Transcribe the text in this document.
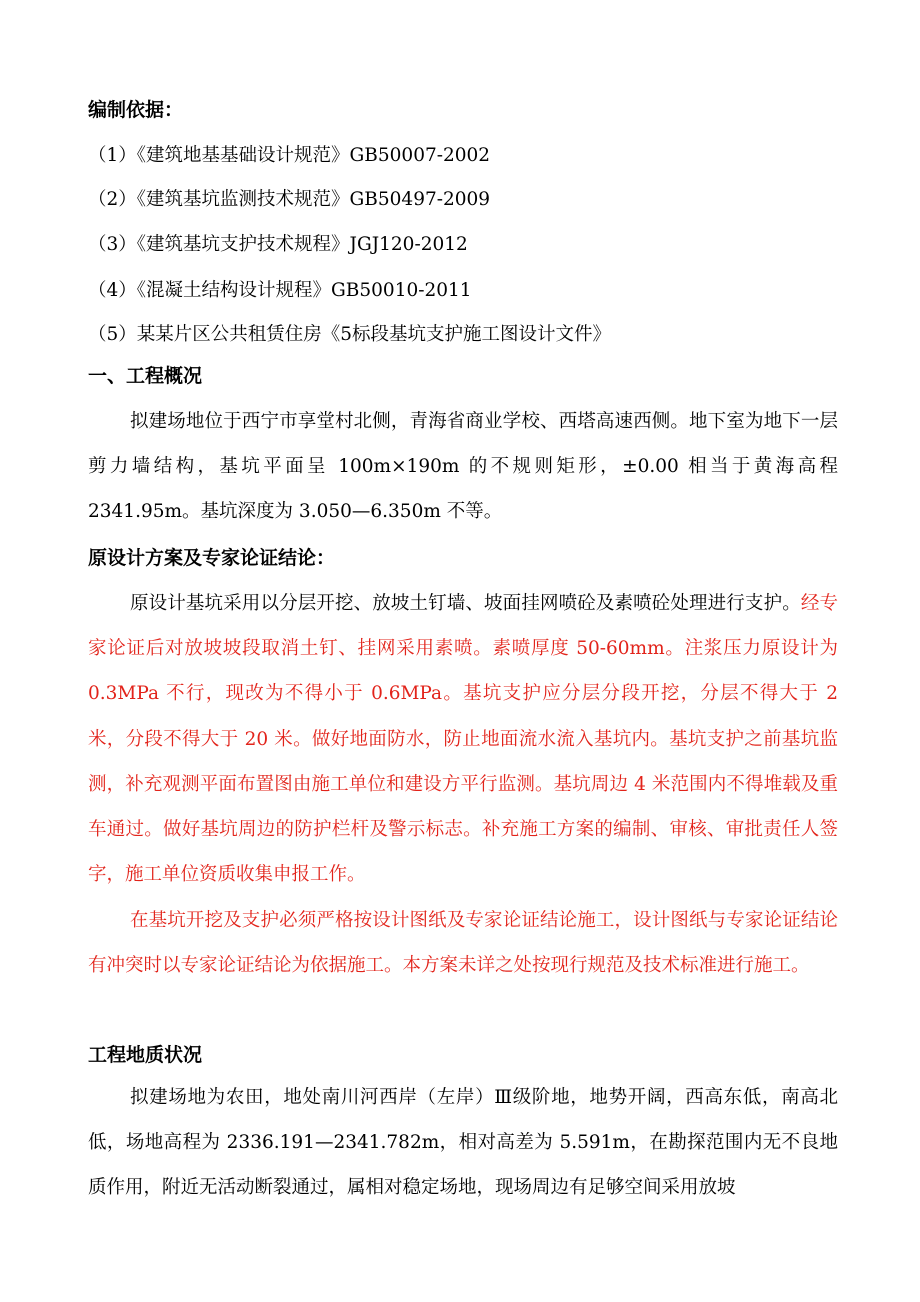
编制依据：
（1）《建筑地基基础设计规范》GB50007-2002
（2）《建筑基坑监测技术规范》GB50497-2009
（3）《建筑基坑支护技术规程》JGJ120-2012
（4）《混凝土结构设计规程》GB50010-2011
（5）某某片区公共租赁住房《5标段基坑支护施工图设计文件》
一、工程概况
拟建场地位于西宁市享堂村北侧，青海省商业学校、西塔高速西侧。地下室为地下一层剪力墙结构，基坑平面呈 100m×190m 的不规则矩形，±0.00 相当于黄海高程 2341.95m。基坑深度为 3.050—6.350m 不等。
原设计方案及专家论证结论：
原设计基坑采用以分层开挖、放坡土钉墙、坡面挂网喷砼及素喷砼处理进行支护。经专家论证后对放坡坡段取消土钉、挂网采用素喷。素喷厚度 50-60mm。注浆压力原设计为 0.3MPa 不行，现改为不得小于 0.6MPa。基坑支护应分层分段开挖，分层不得大于 2 米，分段不得大于 20 米。做好地面防水，防止地面流水流入基坑内。基坑支护之前基坑监测，补充观测平面布置图由施工单位和建设方平行监测。基坑周边 4 米范围内不得堆载及重车通过。做好基坑周边的防护栏杆及警示标志。补充施工方案的编制、审核、审批责任人签字，施工单位资质收集申报工作。
在基坑开挖及支护必须严格按设计图纸及专家论证结论施工，设计图纸与专家论证结论有冲突时以专家论证结论为依据施工。本方案未详之处按现行规范及技术标准进行施工。
工程地质状况
拟建场地为农田，地处南川河西岸（左岸）Ⅲ级阶地，地势开阔，西高东低，南高北低，场地高程为 2336.191—2341.782m，相对高差为 5.591m，在勘探范围内无不良地质作用，附近无活动断裂通过，属相对稳定场地，现场周边有足够空间采用放坡
